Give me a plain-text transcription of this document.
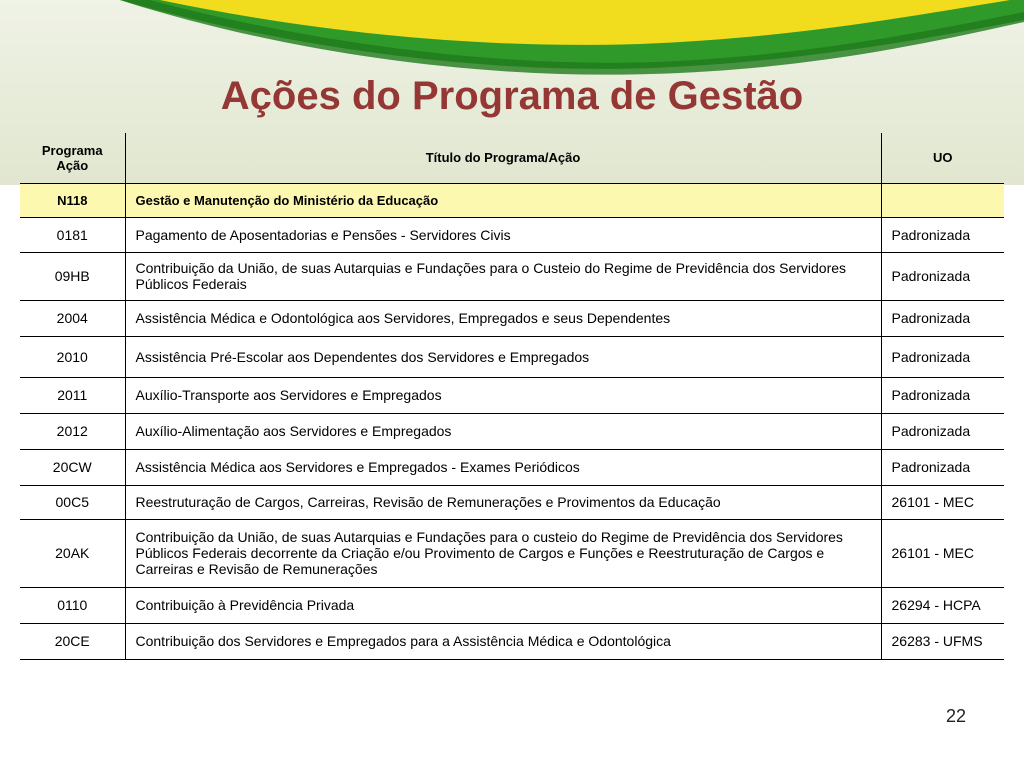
Ações do Programa de Gestão
Programa
Ação	Título do Programa/Ação	UO
N118	Gestão e Manutenção do Ministério da Educação	
0181	Pagamento de Aposentadorias e Pensões - Servidores Civis	Padronizada
09HB	Contribuição da União, de suas Autarquias e Fundações para o Custeio do Regime de Previdência dos Servidores Públicos Federais	Padronizada
2004	Assistência Médica e Odontológica aos Servidores, Empregados e seus Dependentes	Padronizada
2010	Assistência Pré-Escolar aos Dependentes dos Servidores e Empregados	Padronizada
2011	Auxílio-Transporte aos Servidores e Empregados	Padronizada
2012	Auxílio-Alimentação aos Servidores e Empregados	Padronizada
20CW	Assistência Médica aos Servidores e Empregados - Exames Periódicos	Padronizada
00C5	Reestruturação de Cargos, Carreiras, Revisão de Remunerações e Provimentos da Educação	26101 - MEC
20AK	Contribuição da União, de suas Autarquias e Fundações para o custeio do Regime de Previdência dos Servidores Públicos Federais decorrente da Criação e/ou Provimento de Cargos e Funções e Reestruturação de Cargos e Carreiras e Revisão de Remunerações	26101 - MEC
0110	Contribuição à Previdência Privada	26294 - HCPA
20CE	Contribuição dos Servidores e Empregados para a Assistência Médica e Odontológica	26283 - UFMS
22
